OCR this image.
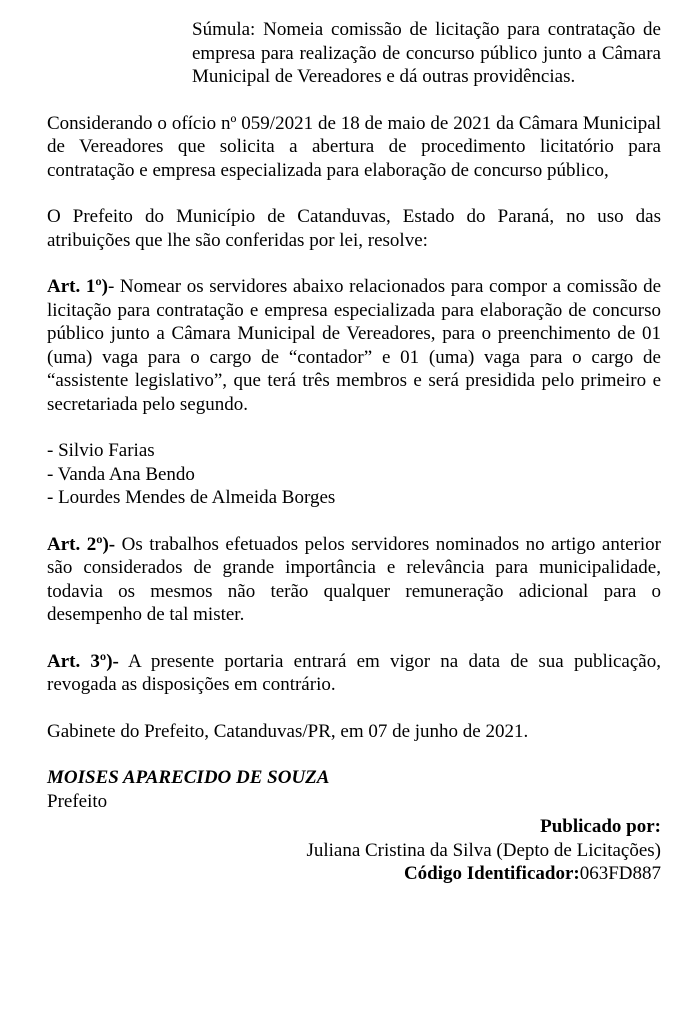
Súmula: Nomeia comissão de licitação para contratação de empresa para realização de concurso público junto a Câmara Municipal de Vereadores e dá outras providências.

Considerando o ofício nº 059/2021 de 18 de maio de 2021 da Câmara Municipal de Vereadores que solicita a abertura de procedimento licitatório para contratação e empresa especializada para elaboração de concurso público,

O Prefeito do Município de Catanduvas, Estado do Paraná, no uso das atribuições que lhe são conferidas por lei, resolve:

Art. 1º)- Nomear os servidores abaixo relacionados para compor a comissão de licitação para contratação e empresa especializada para elaboração de concurso público junto a Câmara Municipal de Vereadores, para o preenchimento de 01 (uma) vaga para o cargo de “contador” e 01 (uma) vaga para o cargo de “assistente legislativo”, que terá três membros e será presidida pelo primeiro e secretariada pelo segundo.

- Silvio Farias
- Vanda Ana Bendo
- Lourdes Mendes de Almeida Borges

Art. 2º)- Os trabalhos efetuados pelos servidores nominados no artigo anterior são considerados de grande importância e relevância para municipalidade, todavia os mesmos não terão qualquer remuneração adicional para o desempenho de tal mister.

Art. 3º)- A presente portaria entrará em vigor na data de sua publicação, revogada as disposições em contrário.

Gabinete do Prefeito, Catanduvas/PR, em 07 de junho de 2021.

MOISES APARECIDO DE SOUZA
Prefeito
Publicado por:
Juliana Cristina da Silva (Depto de Licitações)
Código Identificador:063FD887
